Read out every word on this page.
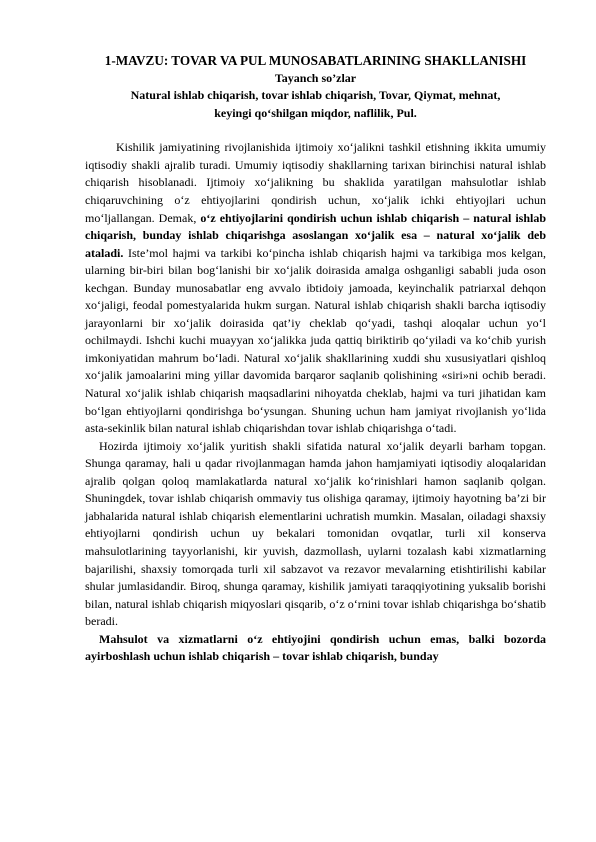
1-MAVZU: TOVAR VA PUL MUNOSABATLARINING SHAKLLANISHI

Tayanch so’zlar

Natural ishlab chiqarish, tovar ishlab chiqarish, Tovar, Qiymat, mehnat,

keyingi qo‘shilgan miqdor, naflilik, Pul.

Kishilik jamiyatining rivojlanishida ijtimoiy xo‘jalikni tashkil etishning ikkita umumiy iqtisodiy shakli ajralib turadi. Umumiy iqtisodiy shakllarning tarixan birinchisi natural ishlab chiqarish hisoblanadi. Ijtimoiy xo‘jalikning bu shaklida yaratilgan mahsulotlar ishlab chiqaruvchining o‘z ehtiyojlarini qondirish uchun, xo‘jalik ichki ehtiyojlari uchun mo‘ljallangan. Demak, o‘z ehtiyojlarini qondirish uchun ishlab chiqarish – natural ishlab chiqarish, bunday ishlab chiqarishga asoslangan xo‘jalik esa – natural xo‘jalik deb ataladi. Iste’mol hajmi va tarkibi ko‘pincha ishlab chiqarish hajmi va tarkibiga mos kelgan, ularning bir-biri bilan bog‘lanishi bir xo‘jalik doirasida amalga oshganligi sababli juda oson kechgan. Bunday munosabatlar eng avvalo ibtidoiy jamoada, keyinchalik patriarxal dehqon xo‘jaligi, feodal pomestyalarida hukm surgan. Natural ishlab chiqarish shakli barcha iqtisodiy jarayonlarni bir xo‘jalik doirasida qat’iy cheklab qo‘yadi, tashqi aloqalar uchun yo‘l ochilmaydi. Ishchi kuchi muayyan xo‘jalikka juda qattiq biriktirib qo‘yiladi va ko‘chib yurish imkoniyatidan mahrum bo‘ladi. Natural xo‘jalik shakllarining xuddi shu xususiyatlari qishloq xo‘jalik jamoalarini ming yillar davomida barqaror saqlanib qolishining «siri»ni ochib beradi. Natural xo‘jalik ishlab chiqarish maqsadlarini nihoyatda cheklab, hajmi va turi jihatidan kam bo‘lgan ehtiyojlarni qondirishga bo‘ysungan. Shuning uchun ham jamiyat rivojlanish yo‘lida asta-sekinlik bilan natural ishlab chiqarishdan tovar ishlab chiqarishga o‘tadi.

Hozirda ijtimoiy xo‘jalik yuritish shakli sifatida natural xo‘jalik deyarli barham topgan. Shunga qaramay, hali u qadar rivojlanmagan hamda jahon hamjamiyati iqtisodiy aloqalaridan ajralib qolgan qoloq mamlakatlarda natural xo‘jalik ko‘rinishlari hamon saqlanib qolgan. Shuningdek, tovar ishlab chiqarish ommaviy tus olishiga qaramay, ijtimoiy hayotning ba’zi bir jabhalarida natural ishlab chiqarish elementlarini uchratish mumkin. Masalan, oiladagi shaxsiy ehtiyojlarni qondirish uchun uy bekalari tomonidan ovqatlar, turli xil konserva mahsulotlarining tayyorlanishi, kir yuvish, dazmollash, uylarni tozalash kabi xizmatlarning bajarilishi, shaxsiy tomorqada turli xil sabzavot va rezavor mevalarning etishtirilishi kabilar shular jumlasidandir. Biroq, shunga qaramay, kishilik jamiyati taraqqiyotining yuksalib borishi bilan, natural ishlab chiqarish miqyoslari qisqarib, o‘z o‘rnini tovar ishlab chiqarishga bo‘shatib beradi.

Mahsulot va xizmatlarni o‘z ehtiyojini qondirish uchun emas, balki bozorda ayirboshlash uchun ishlab chiqarish – tovar ishlab chiqarish, bunday
